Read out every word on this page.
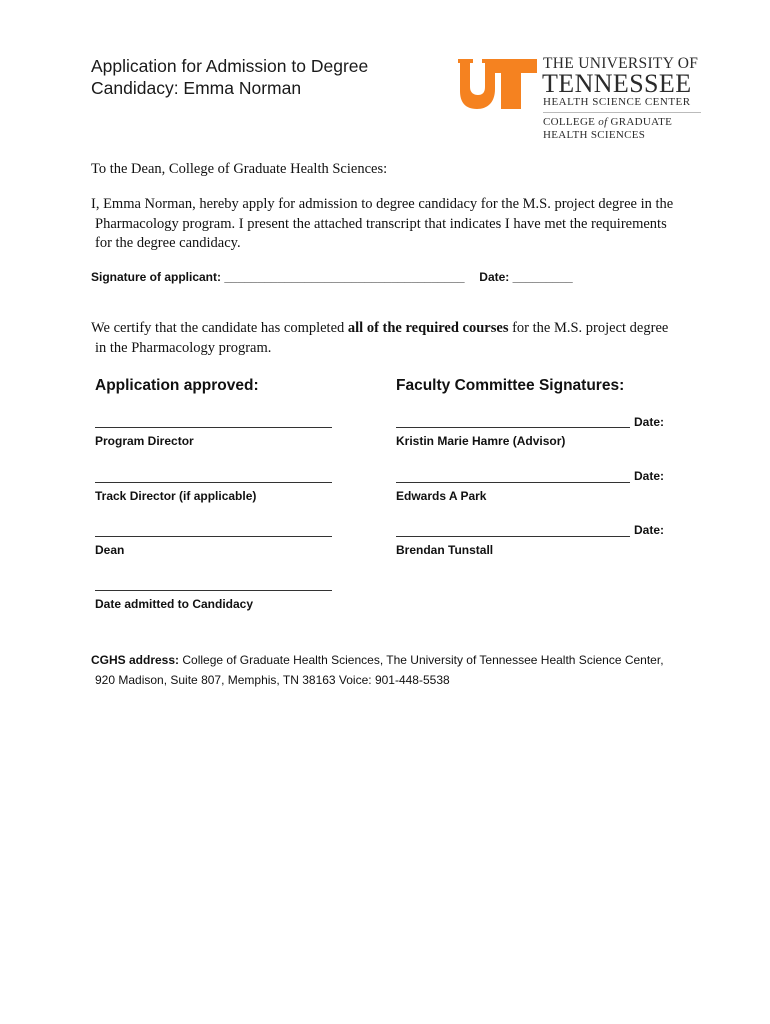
Application for Admission to Degree
Candidacy: Emma Norman
THE UNIVERSITY OF
TENNESSEE
HEALTH SCIENCE CENTER
COLLEGE of GRADUATE
HEALTH SCIENCES
To the Dean, College of Graduate Health Sciences:
I, Emma Norman, hereby apply for admission to degree candidacy for the M.S. project degree in the
Pharmacology program. I present the attached transcript that indicates I have met the requirements
for the degree candidacy.
Signature of applicant: ____________________________________ Date: _________
We certify that the candidate has completed all of the required courses for the M.S. project degree
in the Pharmacology program.
Application approved:	Faculty Committee Signatures:
Program Director
Track Director (if applicable)
Dean
Date admitted to Candidacy
Date:
Kristin Marie Hamre (Advisor)
Date:
Edwards A Park
Date:
Brendan Tunstall
CGHS address: College of Graduate Health Sciences, The University of Tennessee Health Science Center,
920 Madison, Suite 807, Memphis, TN 38163 Voice: 901-448-5538
